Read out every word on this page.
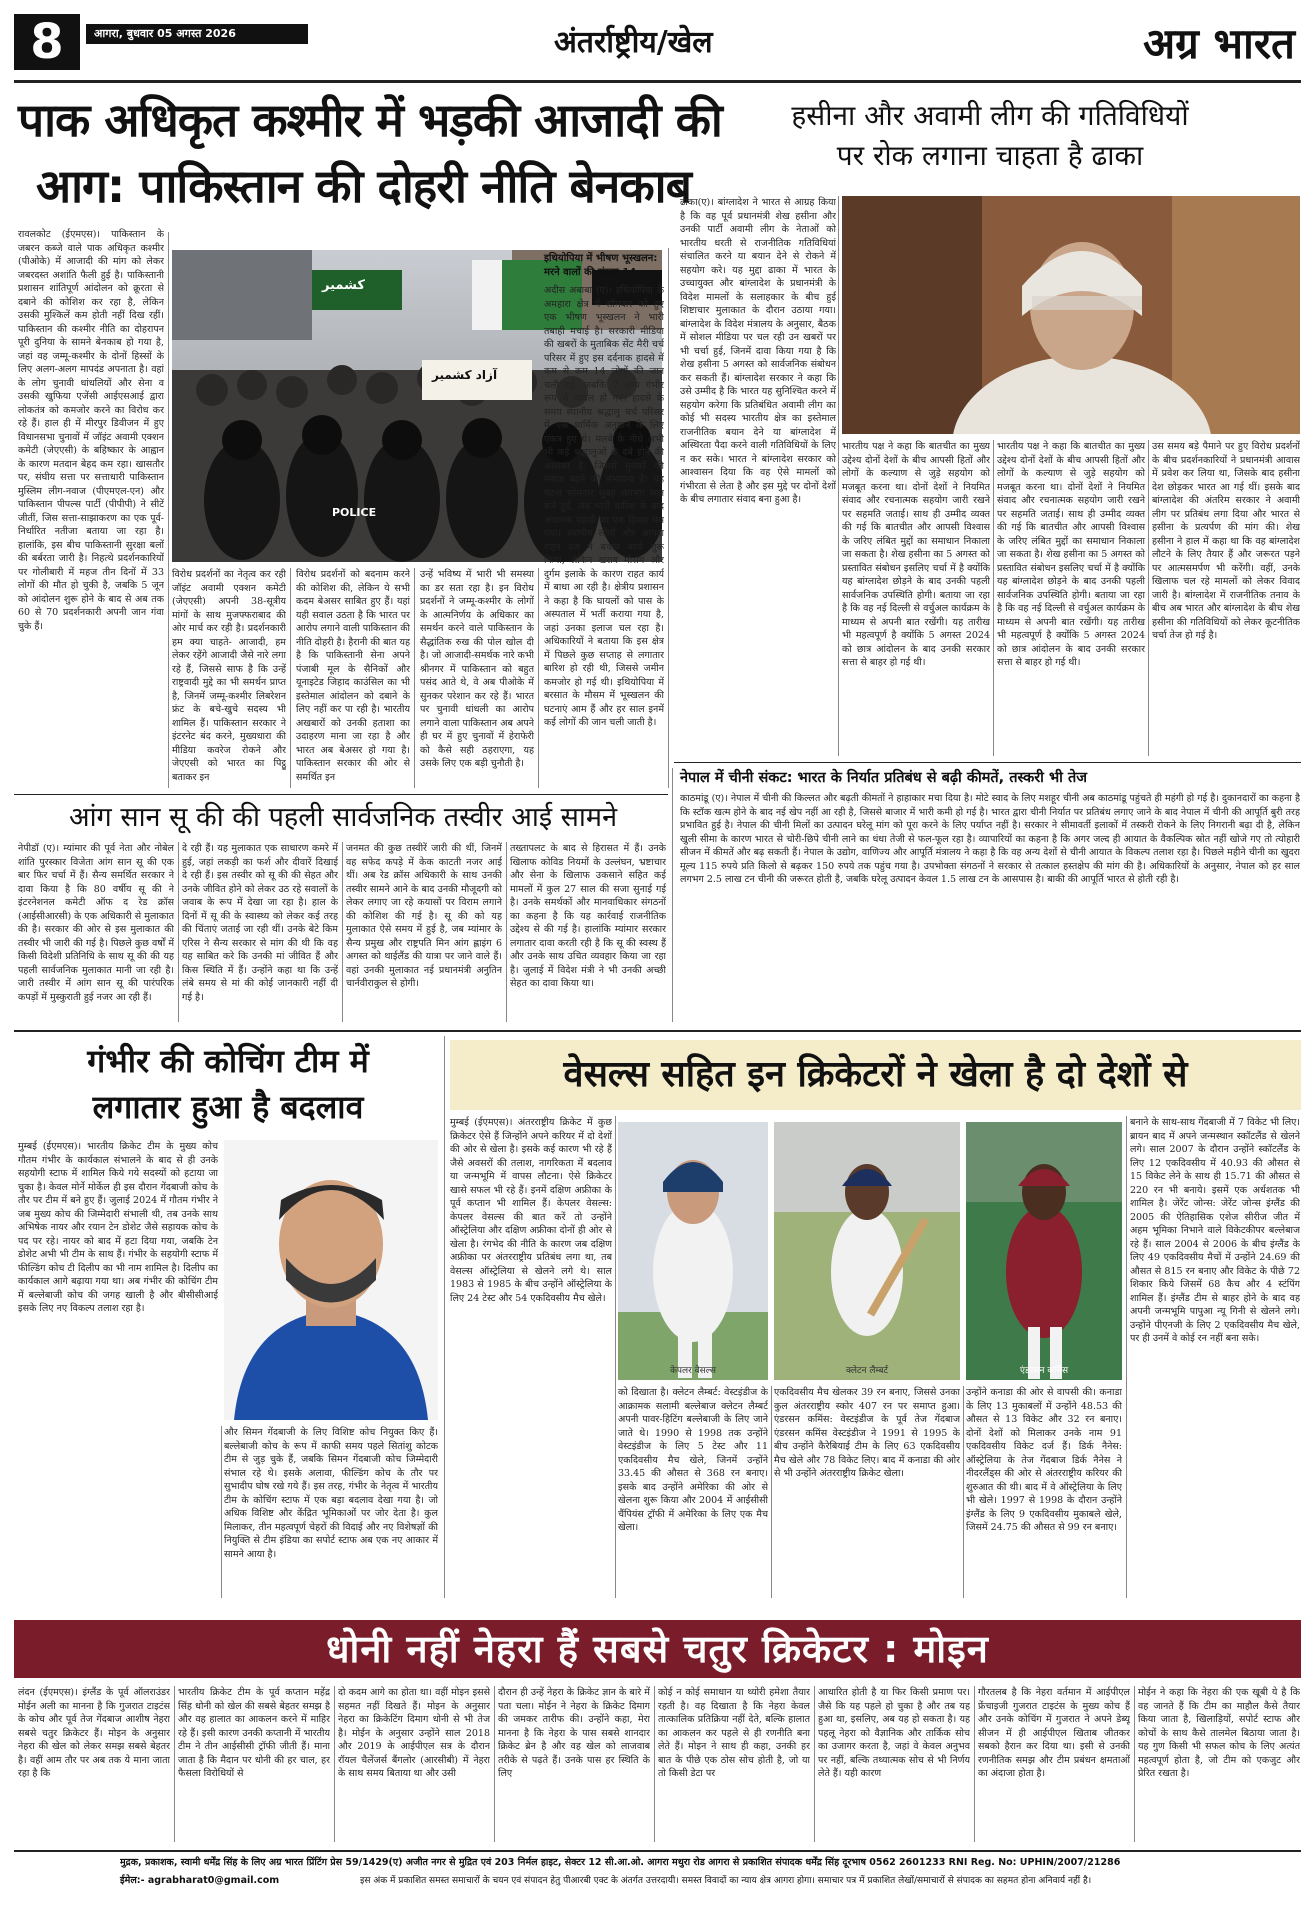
8	आगरा, बुधवार 05 अगस्त 2026	अंतर्राष्ट्रीय/खेल	अग्र भारत
पाक अधिकृत कश्मीर में भड़की आजादी की
आग: पाकिस्तान की दोहरी नीति बेनकाब

रावलकोट (ईएमएस)। पाकिस्तान के जबरन कब्जे वाले पाक अधिकृत कश्मीर (पीओके) में आजादी की मांग को लेकर जबरदस्त अशांति फैली हुई है। पाकिस्तानी प्रशासन शांतिपूर्ण आंदोलन को क्रूरता से दबाने की कोशिश कर रहा है, लेकिन उसकी मुश्किलें कम होती नहीं दिख रहीं। पाकिस्तान की कश्मीर नीति का दोहरापन पूरी दुनिया के सामने बेनकाब हो गया है, जहां वह जम्मू-कश्मीर के दोनों हिस्सों के लिए अलग-अलग मापदंड अपनाता है। वहां के लोग चुनावी धांधलियों और सेना व उसकी खुफिया एजेंसी आईएसआई द्वारा लोकतंत्र को कमजोर करने का विरोध कर रहे हैं। हाल ही में मीरपुर डिवीजन में हुए विधानसभा चुनावों में जॉइंट अवामी एक्शन कमेटी (जेएएसी) के बहिष्कार के आह्वान के कारण मतदान बेहद कम रहा। खासतौर पर, संघीय सत्ता पर सत्ताधारी पाकिस्तान मुस्लिम लीग-नवाज (पीएमएल-एन) और पाकिस्तान पीपल्स पार्टी (पीपीपी) ने सीटें जीतीं, जिस सत्ता-साझाकरण का एक पूर्व-निर्धारित नतीजा बताया जा रहा है। हालांकि, इस बीच पाकिस्तानी सुरक्षा बलों की बर्बरता जारी है। निहत्थे प्रदर्शनकारियों पर गोलीबारी में महज तीन दिनों में 33 लोगों की मौत हो चुकी है, जबकि 5 जून को आंदोलन शुरू होने के बाद से अब तक 60 से 70 प्रदर्शनकारी अपनी जान गंवा चुके हैं।

POLICE
کشمیر
آزاد کشمیر

विरोध प्रदर्शनों का नेतृत्व कर रही जॉइंट अवामी एक्शन कमेटी (जेएएसी) अपनी 38-सूत्रीय मांगों के साथ मुजफ्फराबाद की ओर मार्च कर रही है। प्रदर्शनकारी हम क्या चाहते- आजादी, हम लेकर रहेंगे आजादी जैसे नारे लगा रहे हैं, जिससे साफ है कि उन्हें राष्ट्रवादी मुद्दे का भी समर्थन प्राप्त है, जिनमें जम्मू-कश्मीर लिबरेशन फ्रंट के बचे-खुचे सदस्य भी शामिल हैं। पाकिस्तान सरकार ने इंटरनेट बंद करने, मुख्यधारा की मीडिया कवरेज रोकने और जेएएसी को भारत का पिट्ठू बताकर इन

विरोध प्रदर्शनों को बदनाम करने की कोशिश की, लेकिन ये सभी कदम बेअसर साबित हुए हैं। यहां यही सवाल उठता है कि भारत पर आरोप लगाने वाली पाकिस्तान की नीति दोहरी है। हैरानी की बात यह है कि पाकिस्तानी सेना अपने पंजाबी मूल के सैनिकों और यूनाइटेड जिहाद काउंसिल का भी इस्तेमाल आंदोलन को दबाने के लिए नहीं कर पा रही है। भारतीय अखबारों को उनकी हताशा का उदाहरण माना जा रहा है और भारत अब बेअसर हो गया है। पाकिस्तान सरकार की ओर से समर्थित इन

उन्हें भविष्य में भारी भी समस्या का डर सता रहा है। इन विरोध प्रदर्शनों ने जम्मू-कश्मीर के लोगों के आत्मनिर्णय के अधिकार का समर्थन करने वाले पाकिस्तान के सैद्धांतिक रुख की पोल खोल दी है। जो आजादी-समर्थक नारे कभी श्रीनगर में पाकिस्तान को बहुत पसंद आते थे, वे अब पीओके में सुनकर परेशान कर रहे हैं। भारत पर चुनावी धांधली का आरोप लगाने वाला पाकिस्तान अब अपने ही घर में हुए चुनावों में हेराफेरी को कैसे सही ठहराएगा, यह उसके लिए एक बड़ी चुनौती है।

इथियोपिया में भीषण भूस्खलन: मरने वालों की संख्या 14

अदीस अबाबा (ए)। इथियोपिया के अमहारा क्षेत्र में सोमवार को हुए एक भीषण भूस्खलन ने भारी तबाही मचाई है। सरकारी मीडिया की खबरों के मुताबिक सेंट मैरी चर्च परिसर में हुए इस दर्दनाक हादसे में कम से कम 14 लोगों की जान चली गई, जबकि 7 अन्य गंभीर रूप से घायल हो गए। हादसे के समय स्थानीय श्रद्धालु चर्च परिसर में एक धार्मिक अनुष्ठान के लिए एकत्र हुए थे। मलबे के नीचे अभी भी कई श्रद्धालुओं के दबे होने की आशंका है, जिससे मृतकों की संख्या बढ़ने की संभावना है। यह घटना सोमवार सुबह लगभग सात बजे हुई, जब भारी बारिश के बाद अचानक पहाड़ी का एक हिस्सा धंस गया। स्थानीय लोगों और आपदा राहत दल ने बचाव कार्य शुरू किया, लेकिन खराब मौसम और दुर्गम इलाके के कारण राहत कार्य में बाधा आ रही है। क्षेत्रीय प्रशासन ने कहा है कि घायलों को पास के अस्पताल में भर्ती कराया गया है, जहां उनका इलाज चल रहा है। अधिकारियों ने बताया कि इस क्षेत्र में पिछले कुछ सप्ताह से लगातार बारिश हो रही थी, जिससे जमीन कमजोर हो गई थी। इथियोपिया में बरसात के मौसम में भूस्खलन की घटनाएं आम हैं और हर साल इनमें कई लोगों की जान चली जाती है।

हसीना और अवामी लीग की गतिविधियों
पर रोक लगाना चाहता है ढाका

ढाका(ए)। बांग्लादेश ने भारत से आग्रह किया है कि वह पूर्व प्रधानमंत्री शेख हसीना और उनकी पार्टी अवामी लीग के नेताओं को भारतीय धरती से राजनीतिक गतिविधियां संचालित करने या बयान देने से रोकने में सहयोग करे। यह मुद्दा ढाका में भारत के उच्चायुक्त और बांग्लादेश के प्रधानमंत्री के विदेश मामलों के सलाहकार के बीच हुई शिष्टाचार मुलाकात के दौरान उठाया गया। बांग्लादेश के विदेश मंत्रालय के अनुसार, बैठक में सोशल मीडिया पर चल रही उन खबरों पर भी चर्चा हुई, जिनमें दावा किया गया है कि शेख हसीना 5 अगस्त को सार्वजनिक संबोधन कर सकती हैं। बांग्लादेश सरकार ने कहा कि उसे उम्मीद है कि भारत यह सुनिश्चित करने में सहयोग करेगा कि प्रतिबंधित अवामी लीग का कोई भी सदस्य भारतीय क्षेत्र का इस्तेमाल राजनीतिक बयान देने या बांग्लादेश में अस्थिरता पैदा करने वाली गतिविधियों के लिए न कर सके। भारत ने बांग्लादेश सरकार को आश्वासन दिया कि वह ऐसे मामलों को गंभीरता से लेता है और इस मुद्दे पर दोनों देशों के बीच लगातार संवाद बना हुआ है।

भारतीय पक्ष ने कहा कि बातचीत का मुख्य उद्देश्य दोनों देशों के बीच आपसी हितों और लोगों के कल्याण से जुड़े सहयोग को मजबूत करना था। दोनों देशों ने नियमित संवाद और रचनात्मक सहयोग जारी रखने पर सहमति जताई। साथ ही उम्मीद व्यक्त की गई कि बातचीत और आपसी विश्वास के जरिए लंबित मुद्दों का समाधान निकाला जा सकता है। शेख हसीना का 5 अगस्त को प्रस्तावित संबोधन इसलिए चर्चा में है क्योंकि यह बांग्लादेश छोड़ने के बाद उनकी पहली सार्वजनिक उपस्थिति होगी। बताया जा रहा है कि वह नई दिल्ली से वर्चुअल कार्यक्रम के माध्यम से अपनी बात रखेंगी। यह तारीख भी महत्वपूर्ण है क्योंकि 5 अगस्त 2024 को छात्र आंदोलन के बाद उनकी सरकार सत्ता से बाहर हो गई थी।

उस समय बड़े पैमाने पर हुए विरोध प्रदर्शनों के बीच प्रदर्शनकारियों ने प्रधानमंत्री आवास में प्रवेश कर लिया था, जिसके बाद हसीना देश छोड़कर भारत आ गई थीं। इसके बाद बांग्लादेश की अंतरिम सरकार ने अवामी लीग पर प्रतिबंध लगा दिया और भारत से हसीना के प्रत्यर्पण की मांग की। शेख हसीना ने हाल में कहा था कि वह बांग्लादेश लौटने के लिए तैयार हैं और जरूरत पड़ने पर आत्मसमर्पण भी करेंगी। वहीं, उनके खिलाफ चल रहे मामलों को लेकर विवाद जारी है। बांग्लादेश में राजनीतिक तनाव के बीच अब भारत और बांग्लादेश के बीच शेख हसीना की गतिविधियों को लेकर कूटनीतिक चर्चा तेज हो गई है।

भारतीय पक्ष ने कहा कि बातचीत का मुख्य उद्देश्य दोनों देशों के बीच आपसी हितों और लोगों के कल्याण से जुड़े सहयोग को मजबूत करना था। दोनों देशों ने नियमित संवाद और रचनात्मक सहयोग जारी रखने पर सहमति जताई। साथ ही उम्मीद व्यक्त की गई कि बातचीत और आपसी विश्वास के जरिए लंबित मुद्दों का समाधान निकाला जा सकता है। शेख हसीना का 5 अगस्त को प्रस्तावित संबोधन इसलिए चर्चा में है क्योंकि यह बांग्लादेश छोड़ने के बाद उनकी पहली सार्वजनिक उपस्थिति होगी। बताया जा रहा है कि वह नई दिल्ली से वर्चुअल कार्यक्रम के माध्यम से अपनी बात रखेंगी। यह तारीख भी महत्वपूर्ण है क्योंकि 5 अगस्त 2024 को छात्र आंदोलन के बाद उनकी सरकार सत्ता से बाहर हो गई थी।

नेपाल में चीनी संकट: भारत के निर्यात प्रतिबंध से बढ़ी कीमतें, तस्करी भी तेज

काठमांडू (ए)। नेपाल में चीनी की किल्लत और बढ़ती कीमतों ने हाहाकार मचा दिया है। मोटे स्वाद के लिए मशहूर चीनी अब काठमांडू पहुंचते ही महंगी हो गई है। दुकानदारों का कहना है कि स्टॉक खत्म होने के बाद नई खेप नहीं आ रही है, जिससे बाजार में भारी कमी हो गई है। भारत द्वारा चीनी निर्यात पर प्रतिबंध लगाए जाने के बाद नेपाल में चीनी की आपूर्ति बुरी तरह प्रभावित हुई है। नेपाल की चीनी मिलों का उत्पादन घरेलू मांग को पूरा करने के लिए पर्याप्त नहीं है। सरकार ने सीमावर्ती इलाकों में तस्करी रोकने के लिए निगरानी बढ़ा दी है, लेकिन खुली सीमा के कारण भारत से चोरी-छिपे चीनी लाने का धंधा तेजी से फल-फूल रहा है। व्यापारियों का कहना है कि अगर जल्द ही आयात के वैकल्पिक स्रोत नहीं खोजे गए तो त्योहारी सीजन में कीमतें और बढ़ सकती हैं। नेपाल के उद्योग, वाणिज्य और आपूर्ति मंत्रालय ने कहा है कि वह अन्य देशों से चीनी आयात के विकल्प तलाश रहा है। पिछले महीने चीनी का खुदरा मूल्य 115 रुपये प्रति किलो से बढ़कर 150 रुपये तक पहुंच गया है। उपभोक्ता संगठनों ने सरकार से तत्काल हस्तक्षेप की मांग की है। अधिकारियों के अनुसार, नेपाल को हर साल लगभग 2.5 लाख टन चीनी की जरूरत होती है, जबकि घरेलू उत्पादन केवल 1.5 लाख टन के आसपास है। बाकी की आपूर्ति भारत से होती रही है।

आंग सान सू की की पहली सार्वजनिक तस्वीर आई सामने

नेपीडॉ (ए)। म्यांमार की पूर्व नेता और नोबेल शांति पुरस्कार विजेता आंग सान सू की एक बार फिर चर्चा में हैं। सैन्य समर्थित सरकार ने दावा किया है कि 80 वर्षीय सू की ने इंटरनेशनल कमेटी ऑफ द रेड क्रॉस (आईसीआरसी) के एक अधिकारी से मुलाकात की है। सरकार की ओर से इस मुलाकात की तस्वीर भी जारी की गई है। पिछले कुछ वर्षों में किसी विदेशी प्रतिनिधि के साथ सू की की यह पहली सार्वजनिक मुलाकात मानी जा रही है। जारी तस्वीर में आंग सान सू की पारंपरिक कपड़ों में मुस्कुराती हुई नजर आ रही हैं।

दे रही हैं। यह मुलाकात एक साधारण कमरे में हुई, जहां लकड़ी का फर्श और दीवारें दिखाई दे रही हैं। इस तस्वीर को सू की की सेहत और उनके जीवित होने को लेकर उठ रहे सवालों के जवाब के रूप में देखा जा रहा है। हाल के दिनों में सू की के स्वास्थ्य को लेकर कई तरह की चिंताएं जताई जा रही थीं। उनके बेटे किम एरिस ने सैन्य सरकार से मांग की थी कि वह यह साबित करे कि उनकी मां जीवित हैं और किस स्थिति में हैं। उन्होंने कहा था कि उन्हें लंबे समय से मां की कोई जानकारी नहीं दी गई है।

जनमत की कुछ तस्वीरें जारी की थीं, जिनमें वह सफेद कपड़े में केक काटती नजर आई थीं। अब रेड क्रॉस अधिकारी के साथ उनकी तस्वीर सामने आने के बाद उनकी मौजूदगी को लेकर लगाए जा रहे कयासों पर विराम लगाने की कोशिश की गई है। सू की को यह मुलाकात ऐसे समय में हुई है, जब म्यांमार के सैन्य प्रमुख और राष्ट्रपति मिन आंग ह्लाइंग 6 अगस्त को थाईलैंड की यात्रा पर जाने वाले हैं। वहां उनकी मुलाकात नई प्रधानमंत्री अनुतिन चार्नवीराकुल से होगी।

तख्तापलट के बाद से हिरासत में हैं। उनके खिलाफ कोविड नियमों के उल्लंघन, भ्रष्टाचार और सेना के खिलाफ उकसाने सहित कई मामलों में कुल 27 साल की सजा सुनाई गई है। उनके समर्थकों और मानवाधिकार संगठनों का कहना है कि यह कार्रवाई राजनीतिक उद्देश्य से की गई है। हालांकि म्यांमार सरकार लगातार दावा करती रही है कि सू की स्वस्थ हैं और उनके साथ उचित व्यवहार किया जा रहा है। जुलाई में विदेश मंत्री ने भी उनकी अच्छी सेहत का दावा किया था।

गंभीर की कोचिंग टीम में
लगातार हुआ है बदलाव

मुम्बई (ईएमएस)। भारतीय क्रिकेट टीम के मुख्य कोच गौतम गंभीर के कार्यकाल संभालने के बाद से ही उनके सहयोगी स्टाफ में शामिल किये गये सदस्यों को हटाया जा चुका है। केवल मोर्ने मोर्केल ही इस दौरान गेंदबाजी कोच के तौर पर टीम में बने हुए हैं। जुलाई 2024 में गौतम गंभीर ने जब मुख्य कोच की जिम्मेदारी संभाली थी, तब उनके साथ अभिषेक नायर और रयान टेन डोशेट जैसे सहायक कोच के पद पर रहे। नायर को बाद में हटा दिया गया, जबकि टेन डोशेट अभी भी टीम के साथ हैं। गंभीर के सहयोगी स्टाफ में फील्डिंग कोच टी दिलीप का भी नाम शामिल है। दिलीप का कार्यकाल आगे बढ़ाया गया था। अब गंभीर की कोचिंग टीम में बल्लेबाजी कोच की जगह खाली है और बीसीसीआई इसके लिए नए विकल्प तलाश रहा है।

और सिमन गेंदबाजी के लिए विशिष्ट कोच नियुक्त किए हैं। बल्लेबाजी कोच के रूप में काफी समय पहले सितांशु कोटक टीम से जुड़ चुके हैं, जबकि सिमन गेंदबाजी कोच जिम्मेदारी संभाल रहे थे। इसके अलावा, फील्डिंग कोच के तौर पर सुभादीप घोष रखे गये हैं। इस तरह, गंभीर के नेतृत्व में भारतीय टीम के कोचिंग स्टाफ में एक बड़ा बदलाव देखा गया है। जो अधिक विशिष्ट और केंद्रित भूमिकाओं पर जोर देता है। कुल मिलाकर, तीन महत्वपूर्ण चेहरों की विदाई और नए विशेषज्ञों की नियुक्ति से टीम इंडिया का सपोर्ट स्टाफ अब एक नए आकार में सामने आया है।

वेसल्स सहित इन क्रिकेटरों ने खेला है दो देशों से

मुम्बई (ईएमएस)। अंतरराष्ट्रीय क्रिकेट में कुछ क्रिकेटर ऐसे हैं जिन्होंने अपने करियर में दो देशों की ओर से खेला है। इसके कई कारण भी रहे हैं जैसे अवसरों की तलाश, नागरिकता में बदलाव या जन्मभूमि में वापस लौटना। ऐसे क्रिकेटर खासे सफल भी रहे हैं। इनमें दक्षिण अफ्रीका के पूर्व कप्तान भी शामिल हैं। केपलर वेसल्स: केपलर वेसल्स की बात करें तो उन्होंने ऑस्ट्रेलिया और दक्षिण अफ्रीका दोनों ही ओर से खेला है। रंगभेद की नीति के कारण जब दक्षिण अफ्रीका पर अंतरराष्ट्रीय प्रतिबंध लगा था, तब वेसल्स ऑस्ट्रेलिया से खेलने लगे थे। साल 1983 से 1985 के बीच उन्होंने ऑस्ट्रेलिया के लिए 24 टेस्ट और 54 एकदिवसीय मैच खेले।

केपलर वेसल्स	क्लेटन लैम्बर्ट	एंडरसन कमिंस

को दिखाता है। क्लेटन लैम्बर्ट: वेस्टइंडीज के आक्रामक सलामी बल्लेबाज क्लेटन लैम्बर्ट अपनी पावर-हिटिंग बल्लेबाजी के लिए जाने जाते थे। 1990 से 1998 तक उन्होंने वेस्टइंडीज के लिए 5 टेस्ट और 11 एकदिवसीय मैच खेले, जिनमें उन्होंने 33.45 की औसत से 368 रन बनाए। इसके बाद उन्होंने अमेरिका की ओर से खेलना शुरू किया और 2004 में आईसीसी चैंपियंस ट्रॉफी में अमेरिका के लिए एक मैच खेला।

एकदिवसीय मैच खेलकर 39 रन बनाए, जिससे उनका कुल अंतरराष्ट्रीय स्कोर 407 रन पर समाप्त हुआ। एंडरसन कमिंस: वेस्टइंडीज के पूर्व तेज गेंदबाज एंडरसन कमिंस वेस्टइंडीज ने 1991 से 1995 के बीच उन्होंने कैरेबियाई टीम के लिए 63 एकदिवसीय मैच खेले और 78 विकेट लिए। बाद में कनाडा की ओर से भी उन्होंने अंतरराष्ट्रीय क्रिकेट खेला।

उन्होंने कनाडा की ओर से वापसी की। कनाडा के लिए 13 मुकाबलों में उन्होंने 48.53 की औसत से 13 विकेट और 32 रन बनाए। दोनों देशों को मिलाकर उनके नाम 91 एकदिवसीय विकेट दर्ज हैं। डिर्क नैनेस: ऑस्ट्रेलिया के तेज गेंदबाज डिर्क नैनेस ने नीदरलैंड्स की ओर से अंतरराष्ट्रीय करियर की शुरुआत की थी। बाद में वे ऑस्ट्रेलिया के लिए भी खेले। 1997 से 1998 के दौरान उन्होंने इंग्लैंड के लिए 9 एकदिवसीय मुकाबले खेले, जिसमें 24.75 की औसत से 99 रन बनाए।

बनाने के साथ-साथ गेंदबाजी में 7 विकेट भी लिए। ब्रायन बाद में अपने जन्मस्थान स्कॉटलैंड से खेलने लगे। साल 2007 के दौरान उन्होंने स्कॉटलैंड के लिए 12 एकदिवसीय में 40.93 की औसत से 15 विकेट लेने के साथ ही 15.71 की औसत से 220 रन भी बनाये। इसमें एक अर्धशतक भी शामिल है। जेरेंट जोन्स: जेरेंट जोन्स इंग्लैंड की 2005 की ऐतिहासिक एशेज सीरीज जीत में अहम भूमिका निभाने वाले विकेटकीपर बल्लेबाज रहे हैं। साल 2004 से 2006 के बीच इंग्लैंड के लिए 49 एकदिवसीय मैचों में उन्होंने 24.69 की औसत से 815 रन बनाए और विकेट के पीछे 72 शिकार किये जिसमें 68 कैच और 4 स्टंपिंग शामिल हैं। इंग्लैंड टीम से बाहर होने के बाद वह अपनी जन्मभूमि पापुआ न्यू गिनी से खेलने लगे। उन्होंने पीएनजी के लिए 2 एकदिवसीय मैच खेले, पर ही उनमें वे कोई रन नहीं बना सके।

धोनी नहीं नेहरा हैं सबसे चतुर क्रिकेटर : मोइन

लंदन (ईएमएस)। इंग्लैंड के पूर्व ऑलराउंडर मोईन अली का मानना है कि गुजरात टाइटंस के कोच और पूर्व तेज गेंदबाज आशीष नेहरा सबसे चतुर क्रिकेटर हैं। मोइन के अनुसार नेहरा की खेल को लेकर समझ सबसे बेहतर है। वहीं आम तौर पर अब तक ये माना जाता रहा है कि

भारतीय क्रिकेट टीम के पूर्व कप्तान महेंद्र सिंह धोनी को खेल की सबसे बेहतर समझ है और वह हालात का आकलन करने में माहिर रहे हैं। इसी कारण उनकी कप्तानी में भारतीय टीम ने तीन आईसीसी ट्रॉफी जीती हैं। माना जाता है कि मैदान पर धोनी की हर चाल, हर फैसला विरोधियों से

दो कदम आगे का होता था। वहीं मोइन इससे सहमत नहीं दिखते हैं। मोइन के अनुसार नेहरा का क्रिकेटिंग दिमाग धोनी से भी तेज है। मोईन के अनुसार उन्होंने साल 2018 और 2019 के आईपीएल सत्र के दौरान रॉयल चैलेंजर्स बैंगलोर (आरसीबी) में नेहरा के साथ समय बिताया था और उसी

दौरान ही उन्हें नेहरा के क्रिकेट ज्ञान के बारे में पता चला। मोईन ने नेहरा के क्रिकेट दिमाग की जमकर तारीफ की। उन्होंने कहा, मेरा मानना है कि नेहरा के पास सबसे शानदार क्रिकेट ब्रेन है और वह खेल को लाजवाब तरीके से पढ़ते हैं। उनके पास हर स्थिति के लिए

कोई न कोई समाधान या थ्योरी हमेशा तैयार रहती है। वह दिखाता है कि नेहरा केवल तात्कालिक प्रतिक्रिया नहीं देते, बल्कि हालात का आकलन कर पहले से ही रणनीति बना लेते हैं। मोइन ने साथ ही कहा, उनकी हर बात के पीछे एक ठोस सोच होती है, जो या तो किसी डेटा पर

आधारित होती है या फिर किसी प्रमाण पर। जैसे कि यह पहले हो चुका है और तब यह हुआ था, इसलिए, अब यह हो सकता है। यह पहलू नेहरा को वैज्ञानिक और तार्किक सोच का उजागर करता है, जहां वे केवल अनुभव पर नहीं, बल्कि तथ्यात्मक सोच से भी निर्णय लेते हैं। यही कारण

गौरतलब है कि नेहरा वर्तमान में आईपीएल फ्रेंचाइजी गुजरात टाइटंस के मुख्य कोच हैं और उनके कोचिंग में गुजरात ने अपने डेब्यू सीजन में ही आईपीएल खिताब जीतकर सबको हैरान कर दिया था। इसी से उनकी रणनीतिक समझ और टीम प्रबंधन क्षमताओं का अंदाजा होता है।

मोईन ने कहा कि नेहरा की एक खूबी ये है कि वह जानते हैं कि टीम का माहौल कैसे तैयार किया जाता है, खिलाड़ियों, सपोर्ट स्टाफ और कोचों के साथ कैसे तालमेल बिठाया जाता है। यह गुण किसी भी सफल कोच के लिए अत्यंत महत्वपूर्ण होता है, जो टीम को एकजुट और प्रेरित रखता है।

मुद्रक, प्रकाशक, स्वामी धर्मेंद्र सिंह के लिए अग्र भारत प्रिंटिंग प्रेस 59/1429(ए) अजीत नगर से मुद्रित एवं 203 निर्मल हाइट, सेक्टर 12 सी.आ.ओ. आगरा मथुरा रोड आगरा से प्रकाशित संपादक धर्मेंद्र सिंह दूरभाष 0562 2601233 RNI Reg. No: UPHIN/2007/21286
ईमेल:- agrabharat0@gmail.com	इस अंक में प्रकाशित समस्त समाचारों के चयन एवं संपादन हेतु पीआरबी एक्ट के अंतर्गत उत्तरदायी। समस्त विवादों का न्याय क्षेत्र आगरा होगा। समाचार पत्र में प्रकाशित लेखों/समाचारों से संपादक का सहमत होना अनिवार्य नहीं है।
